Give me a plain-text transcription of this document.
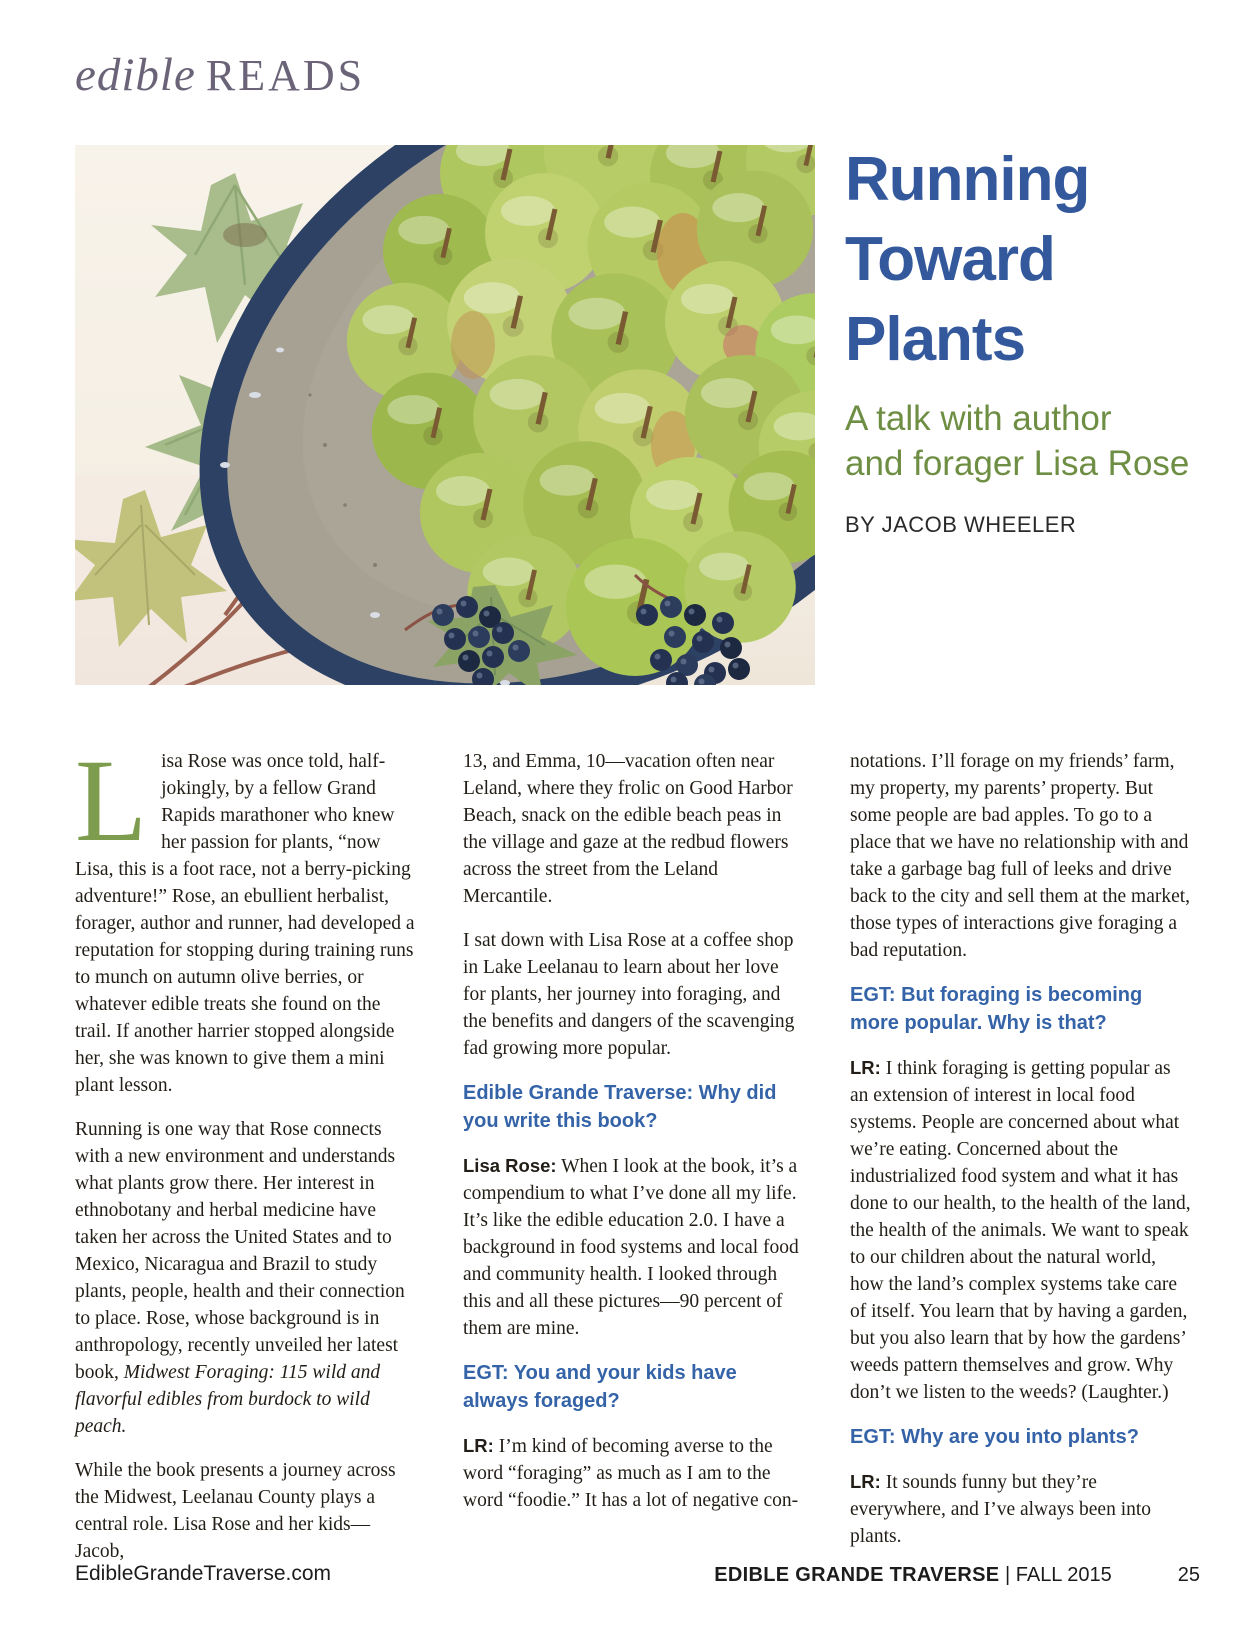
edible READS
Running
Toward
Plants
A talk with author
and forager Lisa Rose
BY JACOB WHEELER

Lisa Rose was once told, half-jokingly, by a fellow Grand Rapids marathoner who knew her passion for plants, “now Lisa, this is a foot race, not a berry-picking adventure!” Rose, an ebullient herbalist, forager, author and runner, had developed a reputation for stopping during training runs to munch on autumn olive berries, or whatever edible treats she found on the trail. If another harrier stopped alongside her, she was known to give them a mini plant lesson.

Running is one way that Rose connects with a new environment and understands what plants grow there. Her interest in ethnobotany and herbal medicine have taken her across the United States and to Mexico, Nicaragua and Brazil to study plants, people, health and their connection to place. Rose, whose background is in anthropology, recently unveiled her latest book, Midwest Foraging: 115 wild and flavorful edibles from burdock to wild peach.

While the book presents a journey across the Midwest, Leelanau County plays a central role. Lisa Rose and her kids—Jacob,

13, and Emma, 10—vacation often near Leland, where they frolic on Good Harbor Beach, snack on the edible beach peas in the village and gaze at the redbud flowers across the street from the Leland Mercantile.

I sat down with Lisa Rose at a coffee shop in Lake Leelanau to learn about her love for plants, her journey into foraging, and the benefits and dangers of the scavenging fad growing more popular.

Edible Grande Traverse: Why did you write this book?

Lisa Rose: When I look at the book, it’s a compendium to what I’ve done all my life. It’s like the edible education 2.0. I have a background in food systems and local food and community health. I looked through this and all these pictures—90 percent of them are mine.

EGT: You and your kids have always foraged?

LR: I’m kind of becoming averse to the word “foraging” as much as I am to the word “foodie.” It has a lot of negative con-

notations. I’ll forage on my friends’ farm, my property, my parents’ property. But some people are bad apples. To go to a place that we have no relationship with and take a garbage bag full of leeks and drive back to the city and sell them at the market, those types of interactions give foraging a bad reputation.

EGT: But foraging is becoming more popular. Why is that?

LR: I think foraging is getting popular as an extension of interest in local food systems. People are concerned about what we’re eating. Concerned about the industrialized food system and what it has done to our health, to the health of the land, the health of the animals. We want to speak to our children about the natural world, how the land’s complex systems take care of itself. You learn that by having a garden, but you also learn that by how the gardens’ weeds pattern themselves and grow. Why don’t we listen to the weeds? (Laughter.)

EGT: Why are you into plants?

LR: It sounds funny but they’re everywhere, and I’ve always been into plants.

EdibleGrandeTraverse.com	EDIBLE GRANDE TRAVERSE | FALL 2015	25
